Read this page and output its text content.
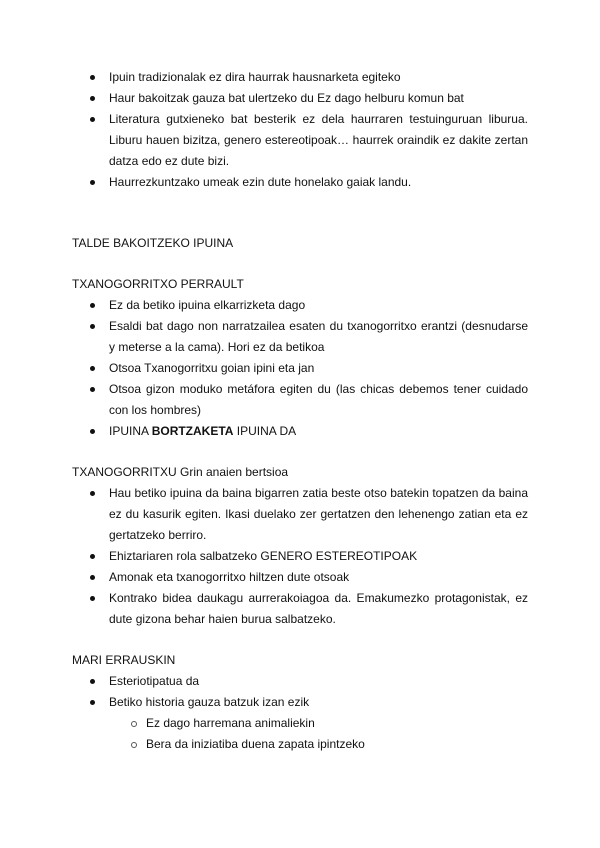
Ipuin tradizionalak ez dira haurrak hausnarketa egiteko
Haur bakoitzak gauza bat ulertzeko du Ez dago helburu komun bat
Literatura gutxieneko bat besterik ez dela haurraren testuinguruan liburua. Liburu hauen bizitza, genero estereotipoak… haurrek oraindik ez dakite zertan datza edo ez dute bizi.
Haurrezkuntzako umeak ezin dute honelako gaiak landu.

TALDE BAKOITZEKO IPUINA

TXANOGORRITXO PERRAULT

Ez da betiko ipuina elkarrizketa dago
Esaldi bat dago non narratzailea esaten du txanogorritxo erantzi (desnudarse y meterse a la cama). Hori ez da betikoa
Otsoa Txanogorritxu goian ipini eta jan
Otsoa gizon moduko metáfora egiten du (las chicas debemos tener cuidado con los hombres)
IPUINA BORTZAKETA IPUINA DA

TXANOGORRITXU Grin anaien bertsioa

Hau betiko ipuina da baina bigarren zatia beste otso batekin topatzen da baina ez du kasurik egiten. Ikasi duelako zer gertatzen den lehenengo zatian eta ez gertatzeko berriro.
Ehiztariaren rola salbatzeko GENERO ESTEREOTIPOAK
Amonak eta txanogorritxo hiltzen dute otsoak
Kontrako bidea daukagu aurrerakoiagoa da. Emakumezko protagonistak, ez dute gizona behar haien burua salbatzeko.

MARI ERRAUSKIN

Esteriotipatua da
Betiko historia gauza batzuk izan ezik
Ez dago harremana animaliekin
Bera da iniziatiba duena zapata ipintzeko
